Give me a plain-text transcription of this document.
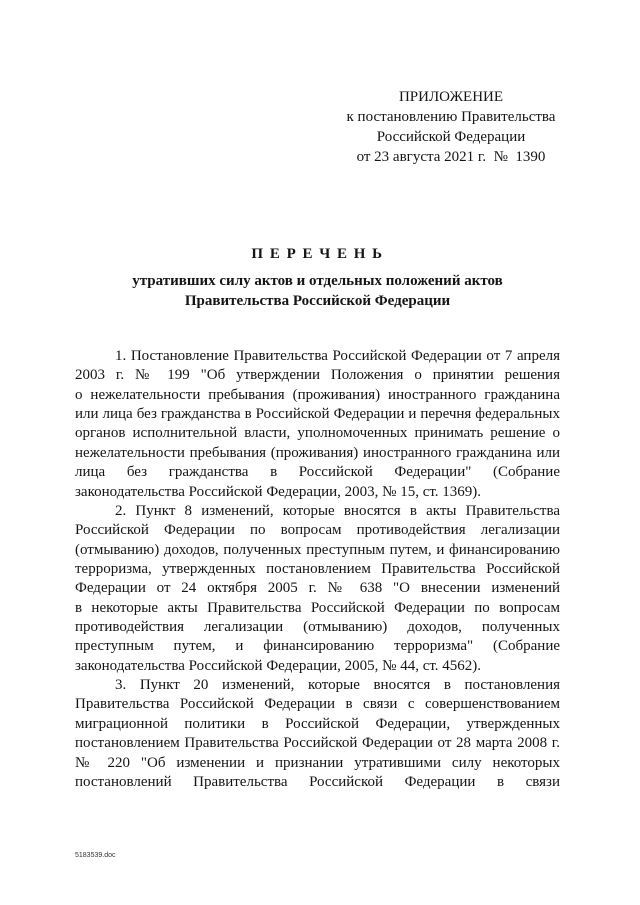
ПРИЛОЖЕНИЕ
к постановлению Правительства
Российской Федерации
от 23 августа 2021 г.  №  1390
П Е Р Е Ч Е Н Ь
утративших силу актов и отдельных положений актов
Правительства Российской Федерации
1. Постановление Правительства Российской Федерации от 7 апреля
2003 г. № 199 "Об утверждении Положения о принятии решения
о нежелательности пребывания (проживания) иностранного гражданина
или лица без гражданства в Российской Федерации и перечня федеральных
органов исполнительной власти, уполномоченных принимать решение о
нежелательности пребывания (проживания) иностранного гражданина или
лица без гражданства в Российской Федерации" (Собрание
законодательства Российской Федерации, 2003, № 15, ст. 1369).
2. Пункт 8 изменений, которые вносятся в акты Правительства
Российской Федерации по вопросам противодействия легализации
(отмыванию) доходов, полученных преступным путем, и финансированию
терроризма, утвержденных постановлением Правительства Российской
Федерации от 24 октября 2005 г. № 638 "О внесении изменений
в некоторые акты Правительства Российской Федерации по вопросам
противодействия легализации (отмыванию) доходов, полученных
преступным путем, и финансированию терроризма" (Собрание
законодательства Российской Федерации, 2005, № 44, ст. 4562).
3. Пункт 20 изменений, которые вносятся в постановления
Правительства Российской Федерации в связи с совершенствованием
миграционной политики в Российской Федерации, утвержденных
постановлением Правительства Российской Федерации от 28 марта 2008 г.
№ 220 "Об изменении и признании утратившими силу некоторых
постановлений Правительства Российской Федерации в связи
5183539.doc
